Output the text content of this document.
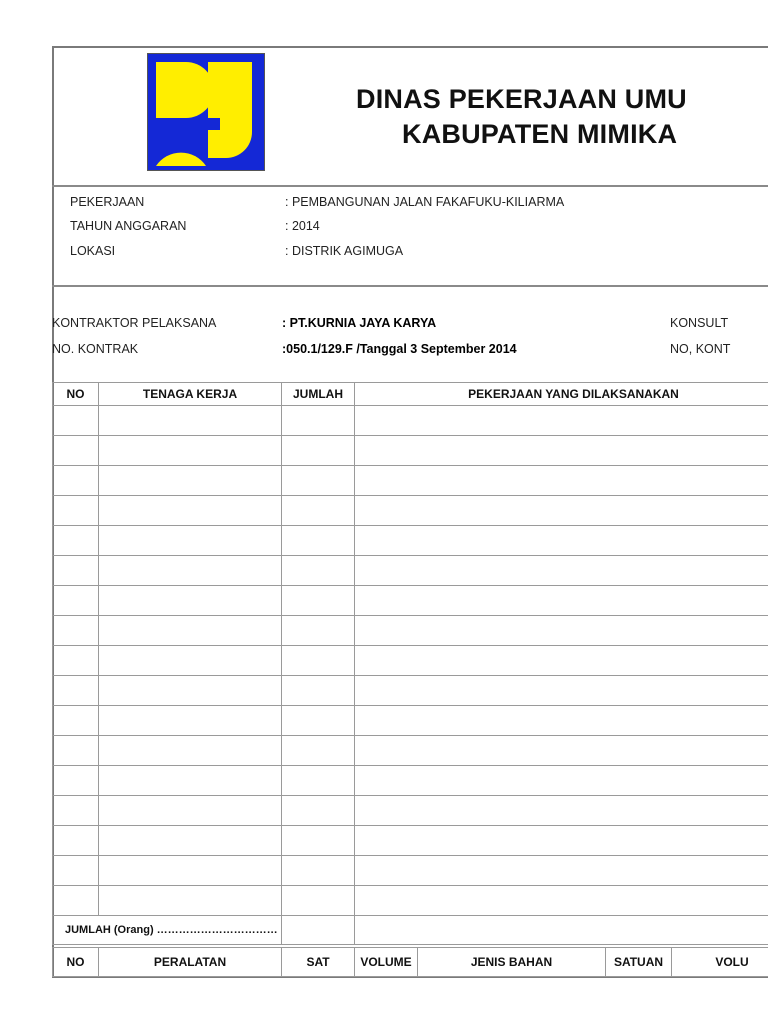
DINAS PEKERJAAN UMU
KABUPATEN MIMIKA
PEKERJAAN	: PEMBANGUNAN JALAN FAKAFUKU-KILIARMA
TAHUN ANGGARAN	: 2014
LOKASI	: DISTRIK AGIMUGA
KONTRAKTOR PELAKSANA	: PT.KURNIA JAYA KARYA	KONSULT
NO. KONTRAK	:050.1/129.F /Tanggal 3 September 2014	NO, KONT
NO	TENAGA KERJA	JUMLAH	PEKERJAAN YANG DILAKSANAKAN

JUMLAH (Orang) ……………………………			
NO	PERALATAN	SAT	VOLUME	JENIS BAHAN	SATUAN	VOLU
